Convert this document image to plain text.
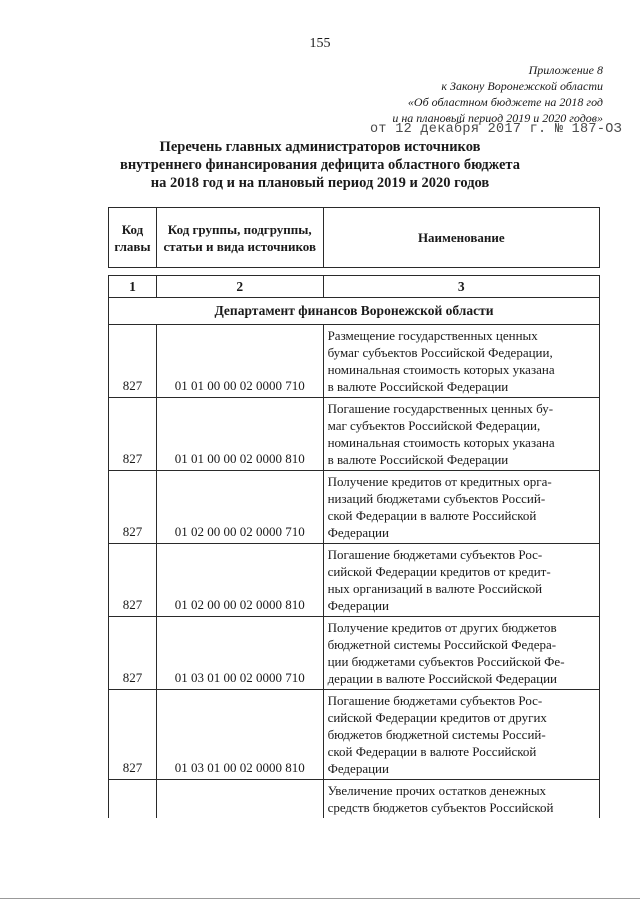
155
Приложение 8
к Закону Воронежской области
«Об областном бюджете на 2018 год
и на плановый период 2019 и 2020 годов»
от 12 декабря 2017 г. № 187-ОЗ
Перечень главных администраторов источников
внутреннего финансирования дефицита областного бюджета
на 2018 год и на плановый период 2019 и 2020 годов
Код главы
Код группы, подгруппы, статьи и вида источников
Наименование
1	2	3
Департамент финансов Воронежской области
827	01 01 00 00 02 0000 710
Размещение государственных ценных
бумаг субъектов Российской Федерации,
номинальная стоимость которых указана
в валюте Российской Федерации
827	01 01 00 00 02 0000 810
Погашение государственных ценных бу-
маг субъектов Российской Федерации,
номинальная стоимость которых указана
в валюте Российской Федерации
827	01 02 00 00 02 0000 710
Получение кредитов от кредитных орга-
низаций бюджетами субъектов Россий-
ской Федерации в валюте Российской
Федерации
827	01 02 00 00 02 0000 810
Погашение бюджетами субъектов Рос-
сийской Федерации кредитов от кредит-
ных организаций в валюте Российской
Федерации
827	01 03 01 00 02 0000 710
Получение кредитов от других бюджетов
бюджетной системы Российской Федера-
ции бюджетами субъектов Российской Фе-
дерации в валюте Российской Федерации
827	01 03 01 00 02 0000 810
Погашение бюджетами субъектов Рос-
сийской Федерации кредитов от других
бюджетов бюджетной системы Россий-
ской Федерации в валюте Российской
Федерации
Увеличение прочих остатков денежных
средств бюджетов субъектов Российской
